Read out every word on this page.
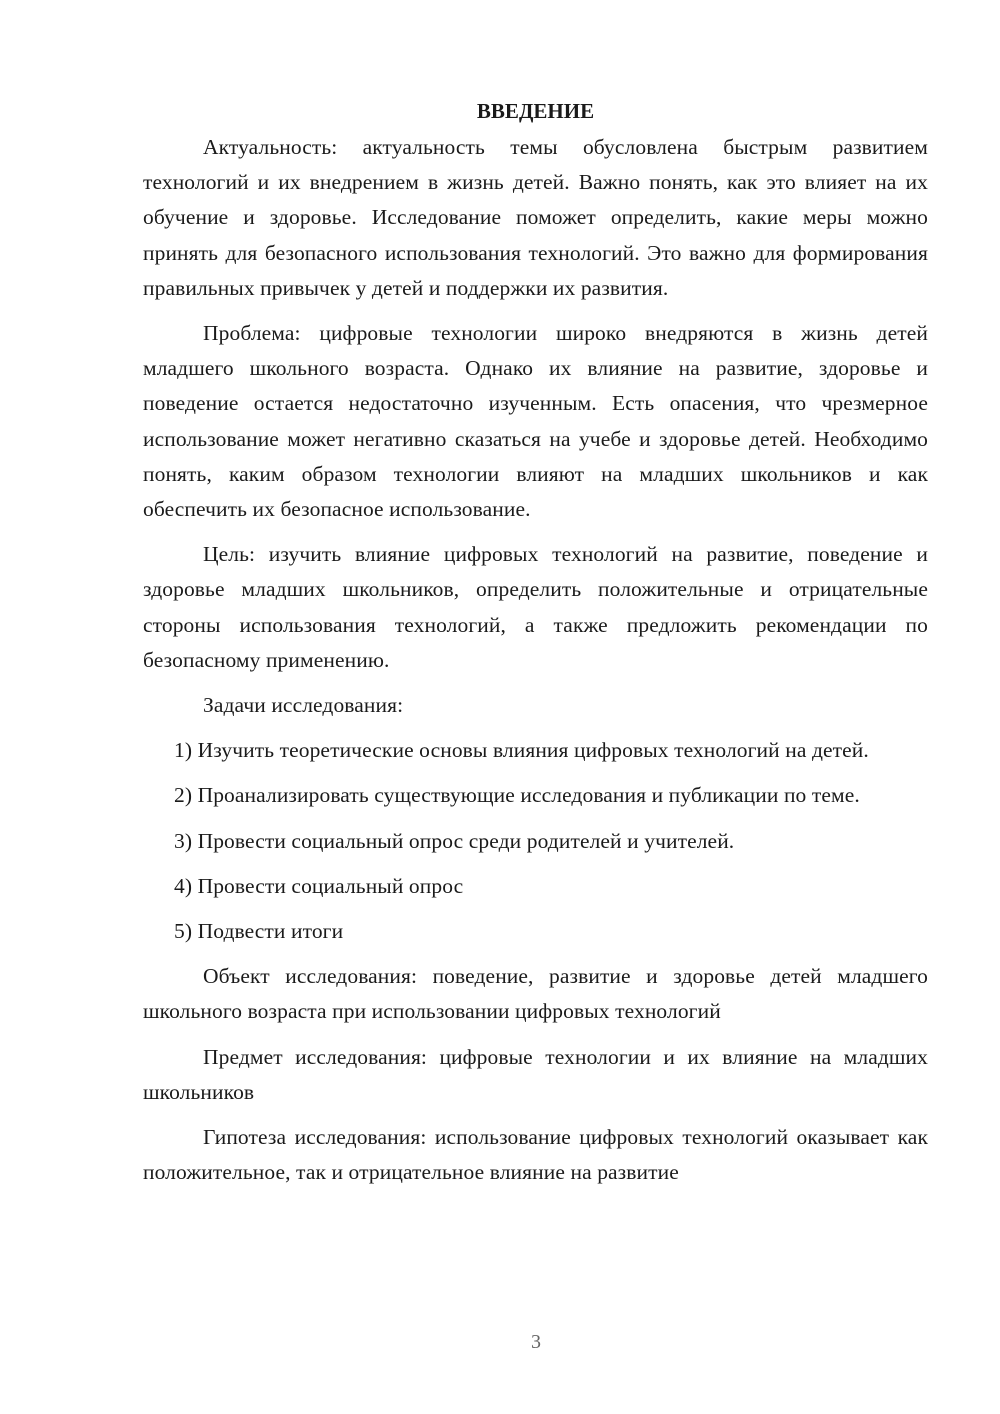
ВВЕДЕНИЕ

Актуальность: актуальность темы обусловлена быстрым развитием технологий и их внедрением в жизнь детей. Важно понять, как это влияет на их обучение и здоровье. Исследование поможет определить, какие меры можно принять для безопасного использования технологий. Это важно для формирования правильных привычек у детей и поддержки их развития.

Проблема: цифровые технологии широко внедряются в жизнь детей младшего школьного возраста. Однако их влияние на развитие, здоровье и поведение остается недостаточно изученным. Есть опасения, что чрезмерное использование может негативно сказаться на учебе и здоровье детей. Необходимо понять, каким образом технологии влияют на младших школьников и как обеспечить их безопасное использование.

Цель: изучить влияние цифровых технологий на развитие, поведение и здоровье младших школьников, определить положительные и отрицательные стороны использования технологий, а также предложить рекомендации по безопасному применению.

Задачи исследования:

1) Изучить теоретические основы влияния цифровых технологий на детей.

2) Проанализировать существующие исследования и публикации по теме.

3) Провести социальный опрос среди родителей и учителей.

4) Провести социальный опрос

5) Подвести итоги

Объект исследования: поведение, развитие и здоровье детей младшего школьного возраста при использовании цифровых технологий

Предмет исследования: цифровые технологии и их влияние на младших школьников

Гипотеза исследования: использование цифровых технологий оказывает как положительное, так и отрицательное влияние на развитие

3
